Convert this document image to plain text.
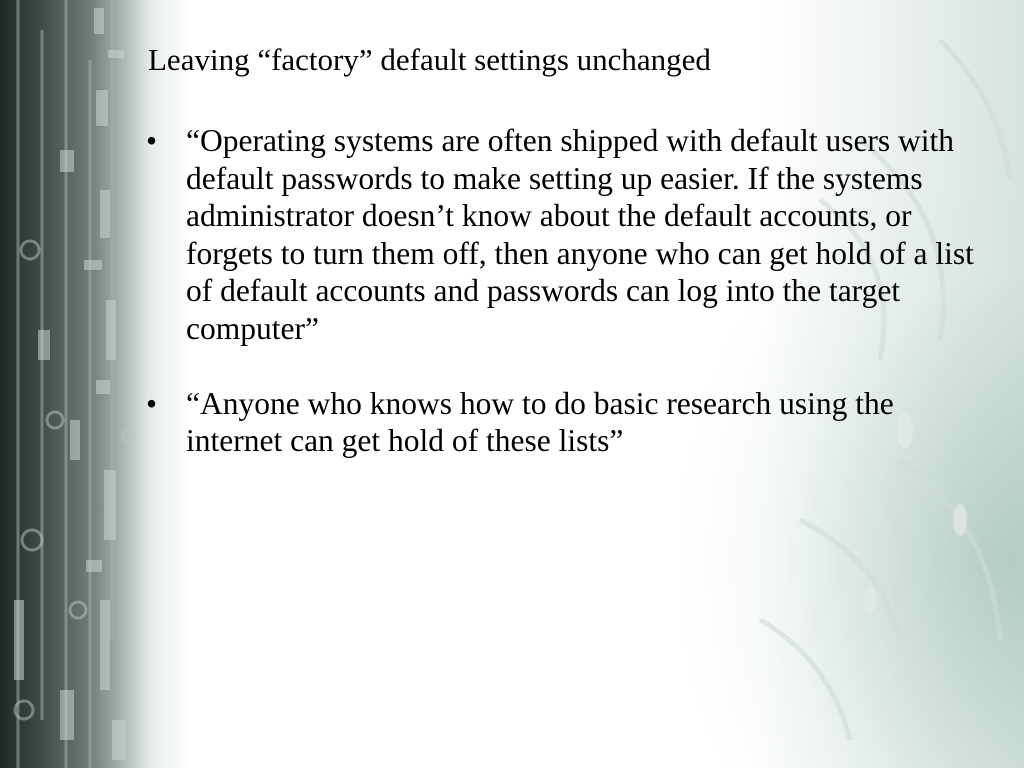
Leaving “factory” default settings unchanged
• “Operating systems are often shipped with default users with default passwords to make setting up easier. If the systems administrator doesn’t know about the default accounts, or forgets to turn them off, then anyone who can get hold of a list of default accounts and passwords can log into the target computer”
• “Anyone who knows how to do basic research using the internet can get hold of these lists”
